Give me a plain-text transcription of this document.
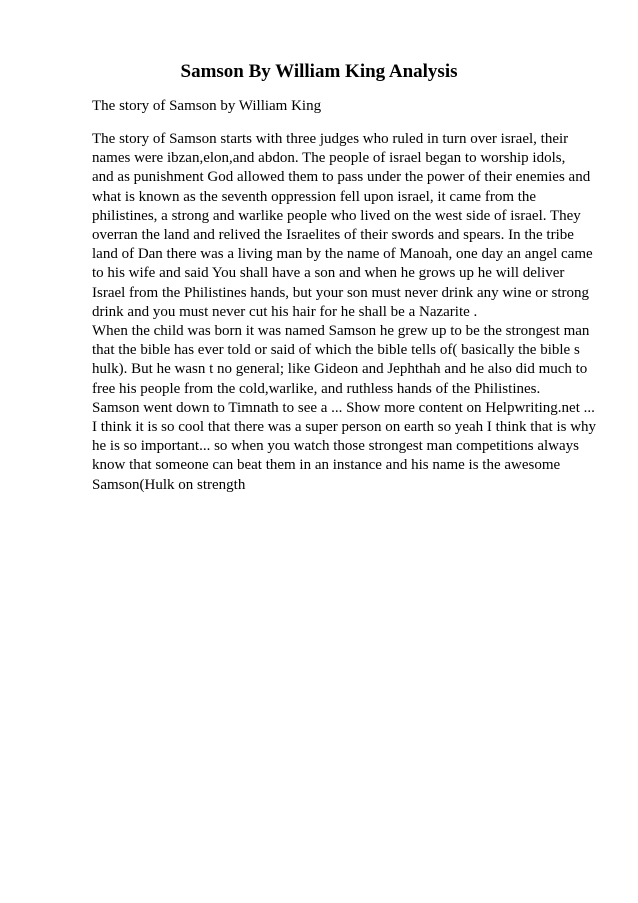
Samson By William King Analysis

The story of Samson by William King

The story of Samson starts with three judges who ruled in turn over israel, their
names were ibzan,elon,and abdon. The people of israel began to worship idols,
and as punishment God allowed them to pass under the power of their enemies and
what is known as the seventh oppression fell upon israel, it came from the
philistines, a strong and warlike people who lived on the west side of israel. They
overran the land and relived the Israelites of their swords and spears. In the tribe
land of Dan there was a living man by the name of Manoah, one day an angel came
to his wife and said You shall have a son and when he grows up he will deliver
Israel from the Philistines hands, but your son must never drink any wine or strong
drink and you must never cut his hair for he shall be a Nazarite .
When the child was born it was named Samson he grew up to be the strongest man
that the bible has ever told or said of which the bible tells of( basically the bible s
hulk). But he wasn t no general; like Gideon and Jephthah and he also did much to
free his people from the cold,warlike, and ruthless hands of the Philistines.
Samson went down to Timnath to see a ... Show more content on Helpwriting.net ...
I think it is so cool that there was a super person on earth so yeah I think that is why
he is so important... so when you watch those strongest man competitions always
know that someone can beat them in an instance and his name is the awesome
Samson(Hulk on strength
